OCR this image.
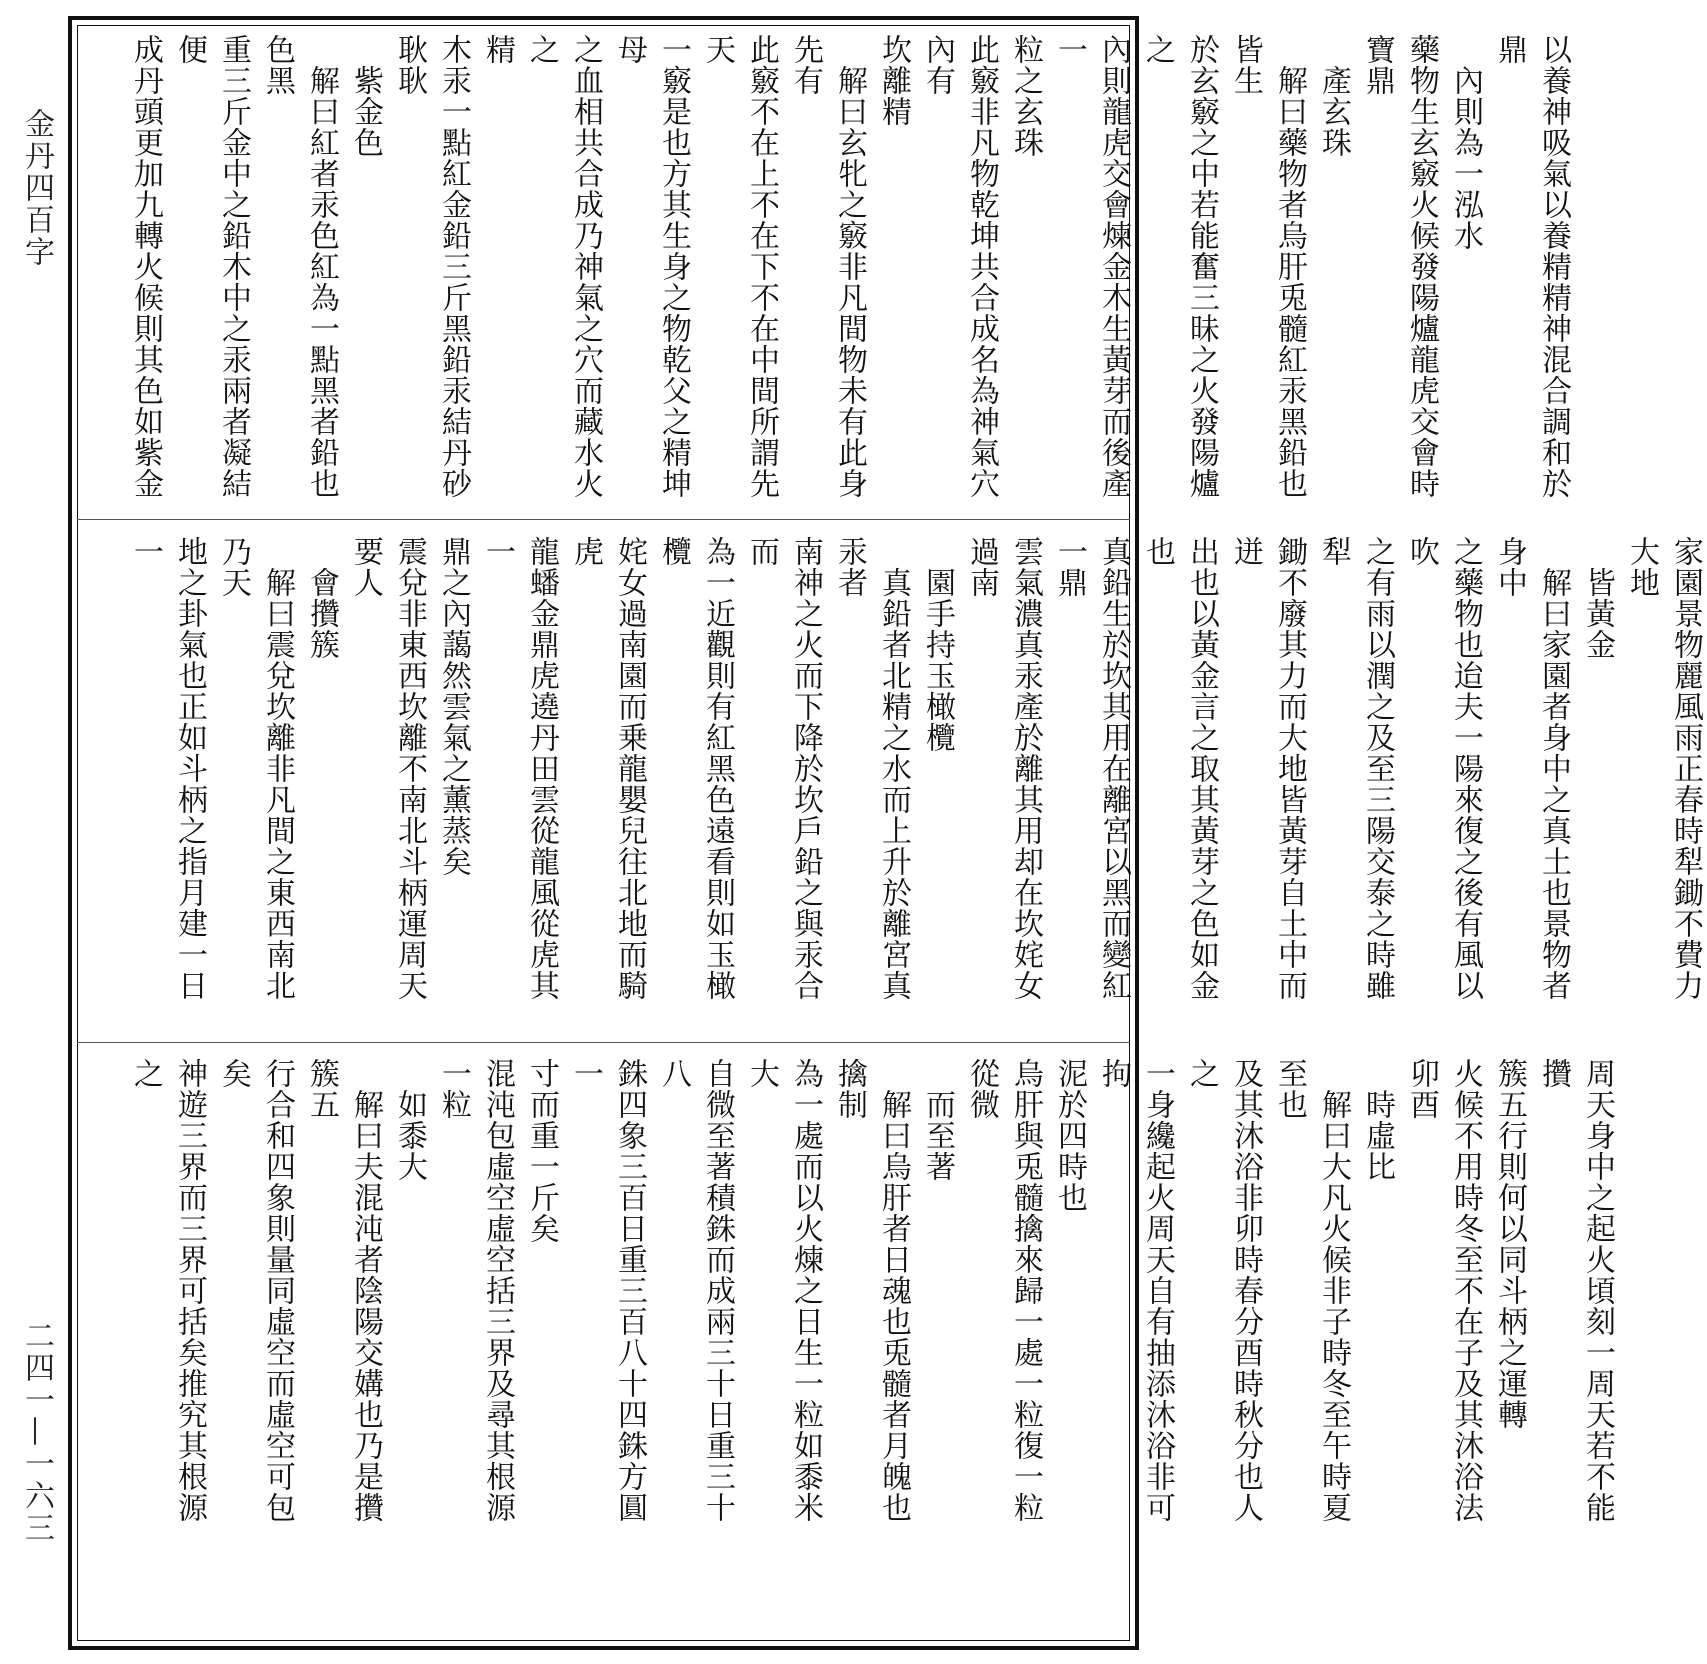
金丹四百字
二四一—一六三
以養神吸氣以養精精神混合調和於鼎
　內則為一泓水
藥物生玄竅火候發陽爐龍虎交會時寶鼎
　產玄珠
　解曰藥物者烏肝兎髓紅汞黑鉛也皆生
於玄竅之中若能奮三昧之火發陽爐之
內則龍虎交會煉金木生黃芽而後產一
粒之玄珠
此竅非凡物乾坤共合成名為神氣穴內有
坎離精
　解曰玄牝之竅非凡間物未有此身先有
此竅不在上不在下不在中間所謂先天
一竅是也方其生身之物乾父之精坤母
之血相共合成乃神氣之穴而藏水火之
精
木汞一點紅金鉛三斤黑鉛汞結丹砂耿耿
　紫金色
　解曰紅者汞色紅為一點黑者鉛也色黑
重三斤金中之鉛木中之汞兩者凝結便
成丹頭更加九轉火候則其色如紫金
家園景物麗風雨正春時犁鋤不費力大地
　皆黃金
　解曰家園者身中之真土也景物者身中
之藥物也迨夫一陽來復之後有風以吹
之有雨以潤之及至三陽交泰之時雖犁
鋤不廢其力而大地皆黃芽自土中而迸
出也以黃金言之取其黃芽之色如金也
真鉛生於坎其用在離宮以黑而變紅一鼎
雲氣濃真汞產於離其用却在坎姹女過南
　園手持玉橄欖
　真鉛者北精之水而上升於離宮真汞者
南神之火而下降於坎戶鉛之與汞合而
為一近觀則有紅黑色遠看則如玉橄欖
姹女過南園而乗龍嬰兒往北地而騎虎
龍蟠金鼎虎遶丹田雲從龍風從虎其一
鼎之內藹然雲氣之薰蒸矣
震兌非東西坎離不南北斗柄運周天要人
　會攢簇
　解曰震兌坎離非凡間之東西南北乃天
地之卦氣也正如斗柄之指月建一日一
周天身中之起火頃刻一周天若不能攢
簇五行則何以同斗柄之運轉
火候不用時冬至不在子及其沐浴法卯酉
　時虛比
　解曰大凡火候非子時冬至午時夏至也
及其沐浴非卯時春分酉時秋分也人之
一身纔起火周天自有抽添沐浴非可拘
泥於四時也
烏肝與兎髓擒來歸一處一粒復一粒從微
　而至著
　解曰烏肝者日魂也兎髓者月魄也擒制
為一處而以火煉之日生一粒如黍米大
自微至著積銖而成兩三十日重三十八
銖四象三百日重三百八十四銖方圓一
寸而重一斤矣
混沌包虛空虛空括三界及尋其根源一粒
　如黍大
　解曰夫混沌者陰陽交媾也乃是攢簇五
行合和四象則量同虛空而虛空可包矣
神遊三界而三界可括矣推究其根源之
